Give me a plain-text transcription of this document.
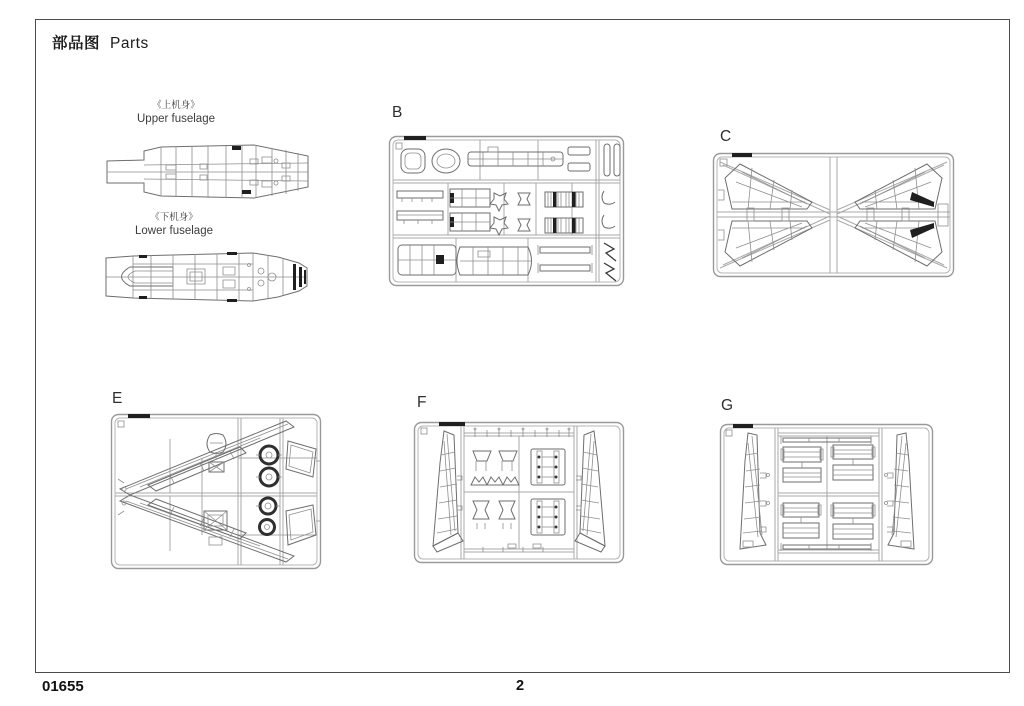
部品图 Parts
《上机身》
Upper fuselage
《下机身》
Lower fuselage
B
C
E	F	G
01655	2
